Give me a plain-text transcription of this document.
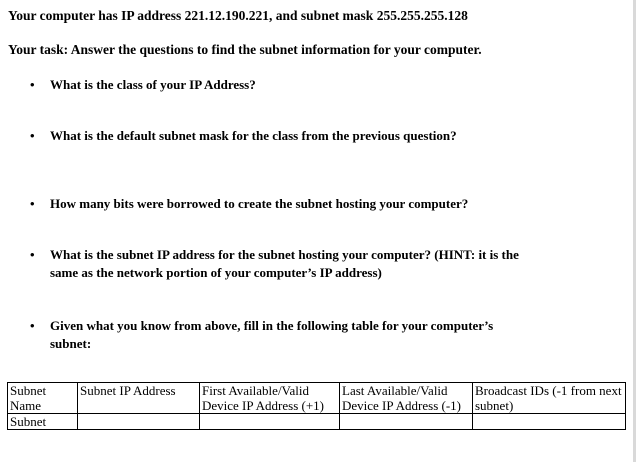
Your computer has IP address 221.12.190.221, and subnet mask 255.255.255.128
Your task: Answer the questions to find the subnet information for your computer.
• What is the class of your IP Address?
• What is the default subnet mask for the class from the previous question?
• How many bits were borrowed to create the subnet hosting your computer?
• What is the subnet IP address for the subnet hosting your computer? (HINT: it is the same as the network portion of your computer’s IP address)
• Given what you know from above, fill in the following table for your computer’s subnet:
Subnet Name	Subnet IP Address	First Available/Valid Device IP Address (+1)	Last Available/Valid Device IP Address (-1)	Broadcast IDs (-1 from next subnet)
Subnet				
